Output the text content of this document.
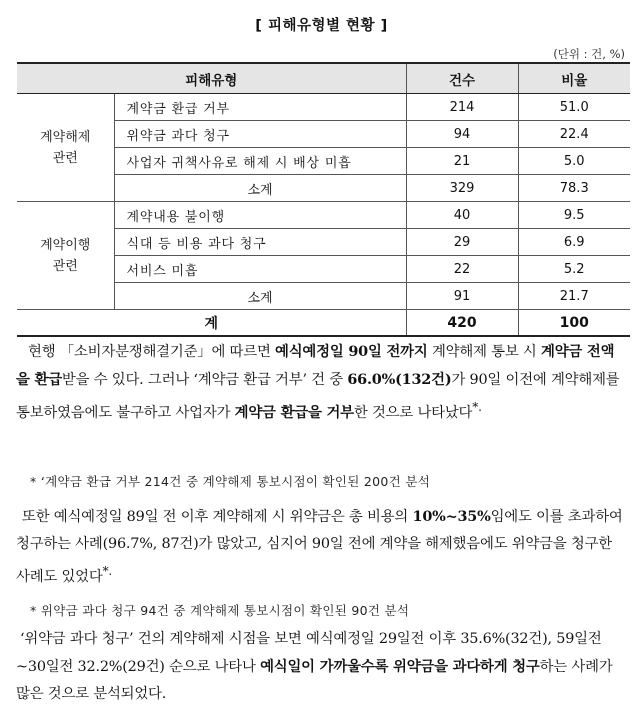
[ 피해유형별 현황 ]
(단위 : 건, %)
피해유형		건수	비율
계약해제
관련	계약금 환급 거부	214	51.0
	위약금 과다 청구	94	22.4
	사업자 귀책사유로 해제 시 배상 미흡	21	5.0
	소계	329	78.3
계약이행
관련	계약내용 불이행	40	9.5
	식대 등 비용 과다 청구	29	6.9
	서비스 미흡	22	5.2
	소계	91	21.7
계		420	100

현행 「소비자분쟁해결기준」에 따르면 예식예정일 90일 전까지 계약해제 통보 시 계약금 전액을 환급받을 수 있다. 그러나 ‘계약금 환급 거부’ 건 중 66.0%(132건)가 90일 이전에 계약해제를 통보하였음에도 불구하고 사업자가 계약금 환급을 거부한 것으로 나타났다*.

* ‘계약금 환급 거부 214건 중 계약해제 통보시점이 확인된 200건 분석

또한 예식예정일 89일 전 이후 계약해제 시 위약금은 총 비용의 10%~35%임에도 이를 초과하여 청구하는 사례(96.7%, 87건)가 많았고, 심지어 90일 전에 계약을 해제했음에도 위약금을 청구한 사례도 있었다*.

* 위약금 과다 청구 94건 중 계약해제 통보시점이 확인된 90건 분석

‘위약금 과다 청구’ 건의 계약해제 시점을 보면 예식예정일 29일전 이후 35.6%(32건), 59일전~30일전 32.2%(29건) 순으로 나타나 예식일이 가까울수록 위약금을 과다하게 청구하는 사례가 많은 것으로 분석되었다.
